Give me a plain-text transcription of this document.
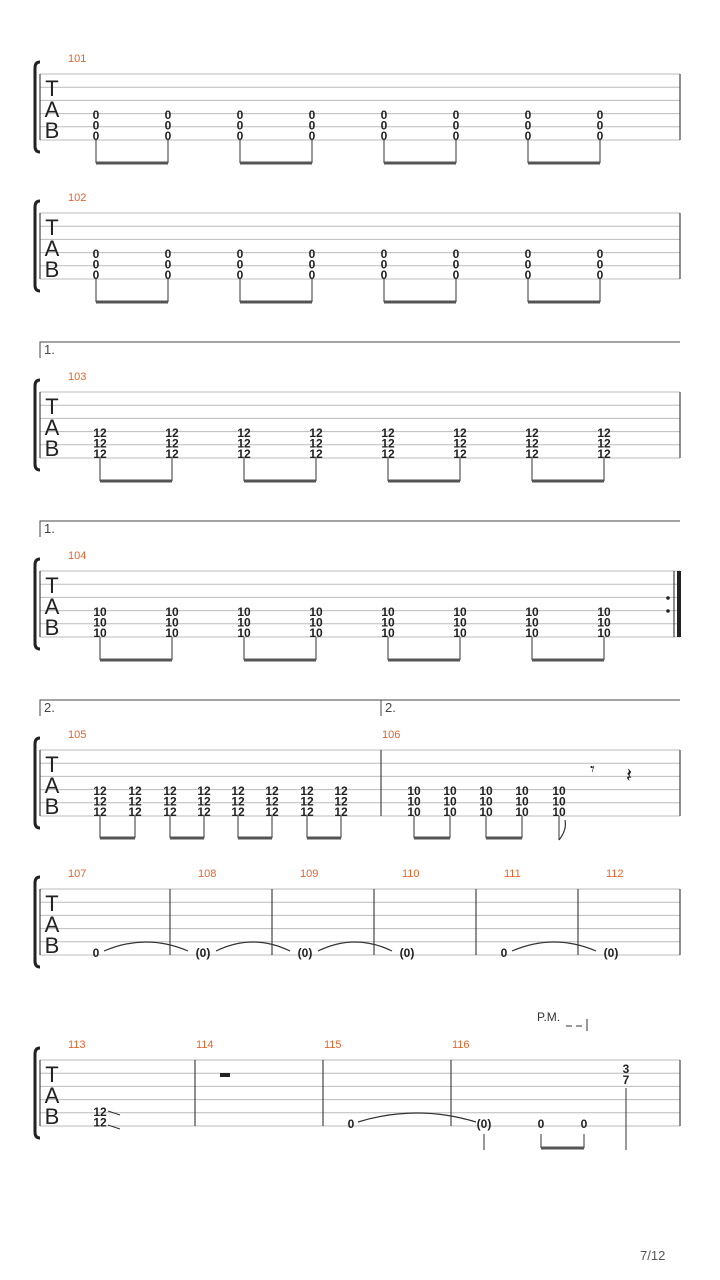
T
A
B
101
0
0
0
0
0
0
0
0
0
0
0
0
0
0
0
0
0
0
0
0
0
0
0
0
T
A
B
102
0
0
0
0
0
0
0
0
0
0
0
0
0
0
0
0
0
0
0
0
0
0
0
0
T
A
B
103
12
12
12
12
12
12
12
12
12
12
12
12
12
12
12
12
12
12
12
12
12
12
12
12
1.
T
A
B
104
10
10
10
10
10
10
10
10
10
10
10
10
10
10
10
10
10
10
10
10
10
10
10
10
1.
T
A
B
105	106
2.	2.
12
12
12
12
12
12
12
12
12
12
12
12
12
12
12
12
12
12
12
12
12
12
12
12
10
10
10
10
10
10
10
10
10
10
10
10
10
10
10
𝄾 𝄽
T
A
B
107
0
108
(0)
109
(0)
110
(0)
111
0
112
(0)
T
A
B
113	114	115	116
12
12	0	(0)	0	0
3
7
P.M.
7/12
